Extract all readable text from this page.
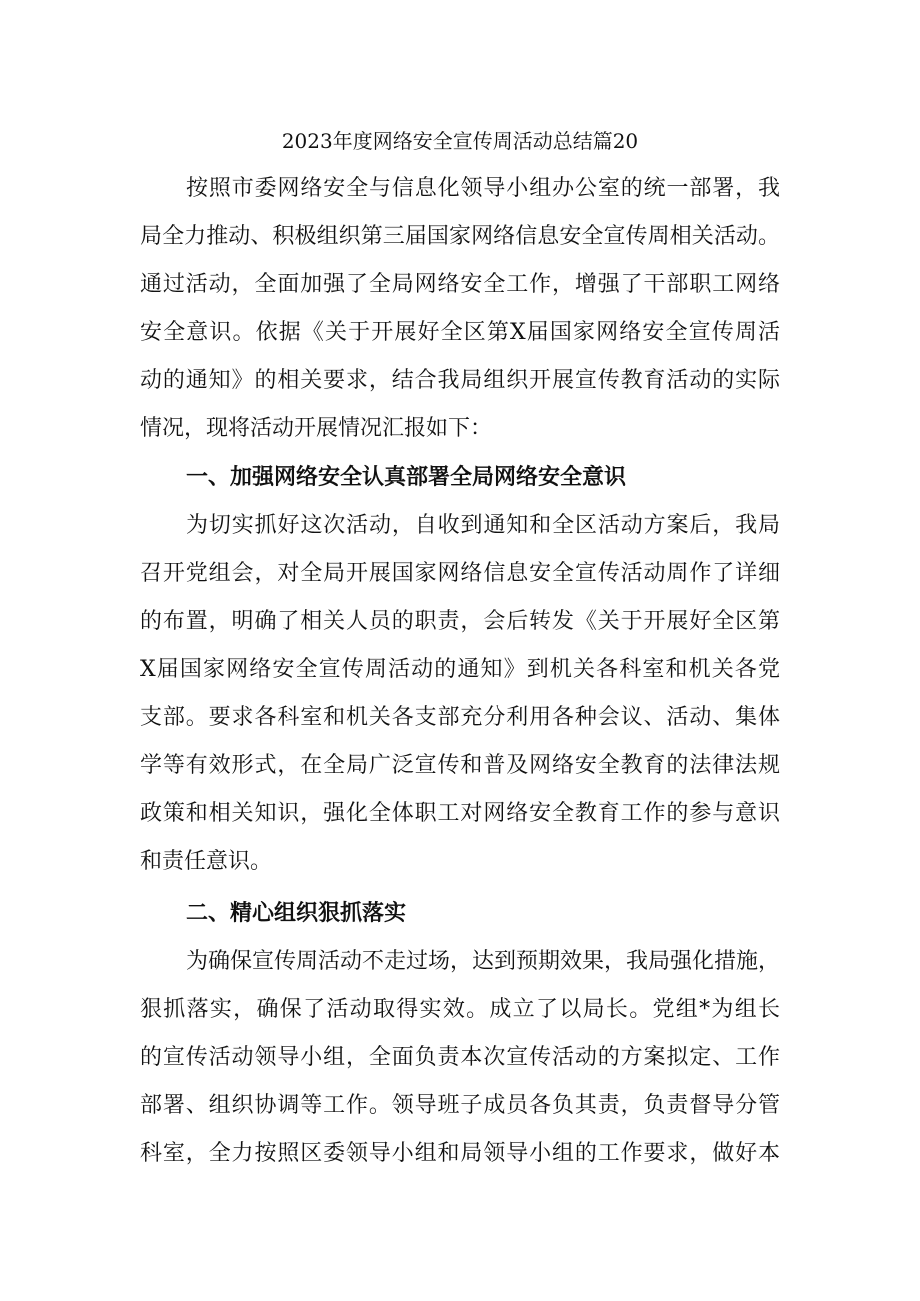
2023年度网络安全宣传周活动总结篇20
按照市委网络安全与信息化领导小组办公室的统一部署，我
局全力推动、积极组织第三届国家网络信息安全宣传周相关活动。
通过活动，全面加强了全局网络安全工作，增强了干部职工网络
安全意识。依据《关于开展好全区第X届国家网络安全宣传周活
动的通知》的相关要求，结合我局组织开展宣传教育活动的实际
情况，现将活动开展情况汇报如下：
一、加强网络安全认真部署全局网络安全意识
为切实抓好这次活动，自收到通知和全区活动方案后，我局
召开党组会，对全局开展国家网络信息安全宣传活动周作了详细
的布置，明确了相关人员的职责，会后转发《关于开展好全区第
X届国家网络安全宣传周活动的通知》到机关各科室和机关各党
支部。要求各科室和机关各支部充分利用各种会议、活动、集体
学等有效形式，在全局广泛宣传和普及网络安全教育的法律法规
政策和相关知识，强化全体职工对网络安全教育工作的参与意识
和责任意识。
二、精心组织狠抓落实
为确保宣传周活动不走过场，达到预期效果，我局强化措施，
狠抓落实，确保了活动取得实效。成立了以局长。党组*为组长
的宣传活动领导小组，全面负责本次宣传活动的方案拟定、工作
部署、组织协调等工作。领导班子成员各负其责，负责督导分管
科室，全力按照区委领导小组和局领导小组的工作要求，做好本
